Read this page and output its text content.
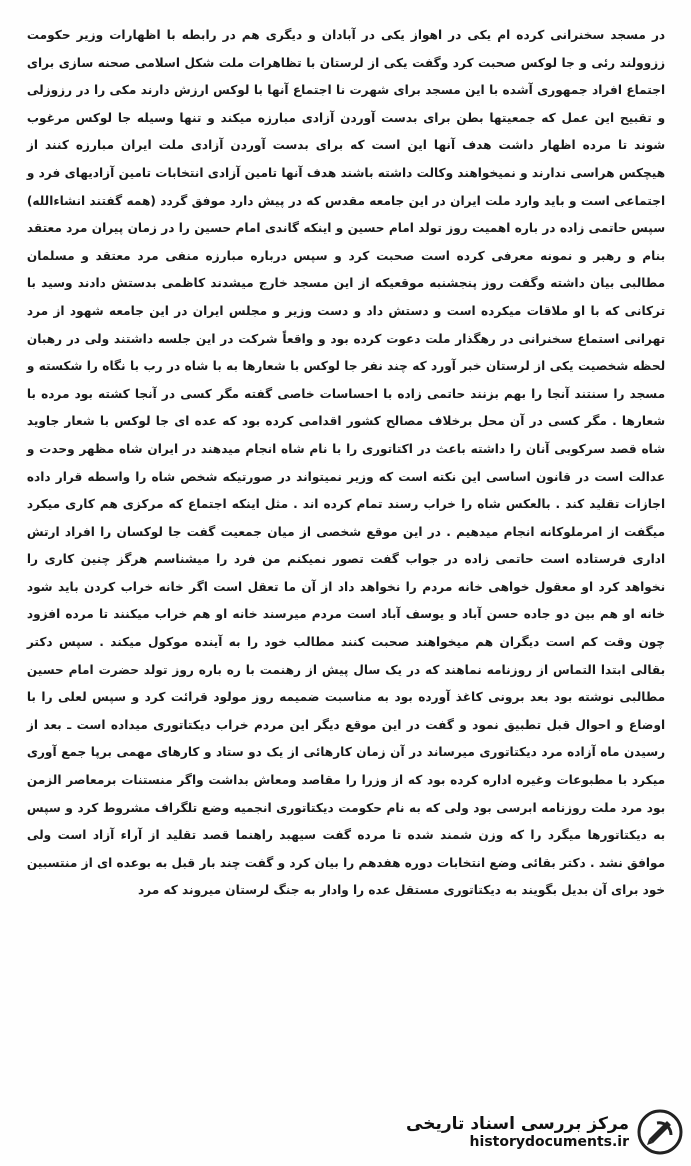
در مسجد سخنرانی کرده ام یکی در اهواز یکی در آبادان و دیگری هم در رابطه با اظهارات وزیر حکومت ززوولند رئی و جا لوکس صحبت کرد وگفت یکی از لرستان با تظاهرات ملت شکل اسلامی صحنه سازی برای اجتماع افراد جمهوری آشده با این مسجد برای شهرت نا اجتماع آنها با لوکس ارزش دارند مکی را در رزوزلی و تقبیح این عمل که جمعیتها بطن برای بدست آوردن آزادی مبارزه میکند و تنها وسیله جا لوکس مرغوب شوند تا مرده اظهار داشت هدف آنها این است که برای بدست آوردن آزادی ملت ایران مبارزه کنند از هیچکس هراسی ندارند و نمیخواهند وکالت داشته باشند هدف آنها تامین آزادی انتخابات تامین آزادیهای فرد و اجتماعی است و باید وارد ملت ایران در این جامعه مقدس که در پیش دارد موفق گردد (همه گفتند انشاءالله) سپس حاتمی زاده در باره اهمیت روز تولد امام حسین و اینکه گاندی امام حسین را در زمان پیران مرد معتقد بنام و رهبر و نمونه معرفی کرده است صحبت کرد و سپس درباره مبارزه منفی مرد معتقد و مسلمان مطالبی بیان داشته وگفت روز پنجشنبه موقعیکه از این مسجد خارج میشدند کاظمی بدستش دادند وسید با ترکانی که با او ملاقات میکرده است و دستش داد و دست وزیر و مجلس ایران در این جامعه شهود از مرد تهرانی استماع سخنرانی در رهگذار ملت دعوت کرده بود و واقعاً شرکت در این جلسه داشتند ولی در رهبان لحظه شخصیت یکی از لرستان خبر آورد که چند نفر جا لوکس با شعارها به با شاه در رب با نگاه را شکسته و مسجد را سنتند آنجا را بهم بزنند حاتمی زاده با احساسات خاصی گفته مگر کسی در آنجا کشته بود مرده با شعارها . مگر کسی در آن محل برخلاف مصالح کشور اقدامی کرده بود که عده ای جا لوکس با شعار جاوید شاه قصد سرکوبی آنان را داشته باعث در اکتاتوری را با نام شاه انجام میدهند در ایران شاه مظهر وحدت و عدالت است در قانون اساسی این نکته است که وزیر نمیتواند در صورتیکه شخص شاه را واسطه قرار داده اجازات تقلید کند . بالعکس شاه را خراب رسند تمام کرده اند . مثل اینکه اجتماع که مرکزی هم کاری میکرد میگفت از امرملوکانه انجام میدهیم . در این موقع شخصی از میان جمعیت گفت جا لوکسان را افراد ارتش اداری فرستاده است حاتمی زاده در جواب گفت تصور نمیکنم من فرد را میشناسم هرگز چنین کاری را نخواهد کرد او معقول خواهی خانه مردم را نخواهد داد از آن ما تعقل است اگر خانه خراب کردن باید شود خانه او هم بین دو جاده حسن آباد و یوسف آباد است مردم میرسند خانه او هم خراب میکنند تا مرده افزود چون وقت کم است دیگران هم میخواهند صحبت کنند مطالب خود را به آینده موکول میکند . سپس دکتر بقالی ابتدا التماس از روزنامه نماهند که در یک سال پیش از رهنمت با ره باره روز تولد حضرت امام حسین مطالبی نوشته بود بعد برونی کاغذ آورده بود به مناسبت ضمیمه روز مولود قرائت کرد و سپس لعلی را با اوضاع و احوال قبل تطبیق نمود و گفت در این موقع دیگر این مردم خراب دیکتاتوری میداده است ـ بعد از رسیدن ماه آزاده مرد دیکتاتوری میرساند در آن زمان کارهائی از یک دو ستاد و کارهای مهمی برپا جمع آوری میکرد با مطبوعات وغیره اداره کرده بود که از وزرا را مقاصد ومعاش بداشت واگر منستنات برمعاصر الزمن بود مرد ملت روزنامه ابرسی بود ولی که به نام حکومت دیکتاتوری انجمیه وضع تلگراف مشروط کرد و سپس به دیکتاتورها میگرد را که وزن شمند شده تا مرده گفت سیهبد راهنما قصد تقلید از آراء آزاد است ولی موافق نشد . دکتر بقائی وضع انتخابات دوره هفدهم را بیان کرد و گفت چند بار قبل به بوعده ای از منتسبین خود برای آن بدیل بگویند به دیکتاتوری مستقل عده را وادار به جنگ لرستان میروند که مرد

مرکز بررسی اسناد تاریخی
historydocuments.ir
